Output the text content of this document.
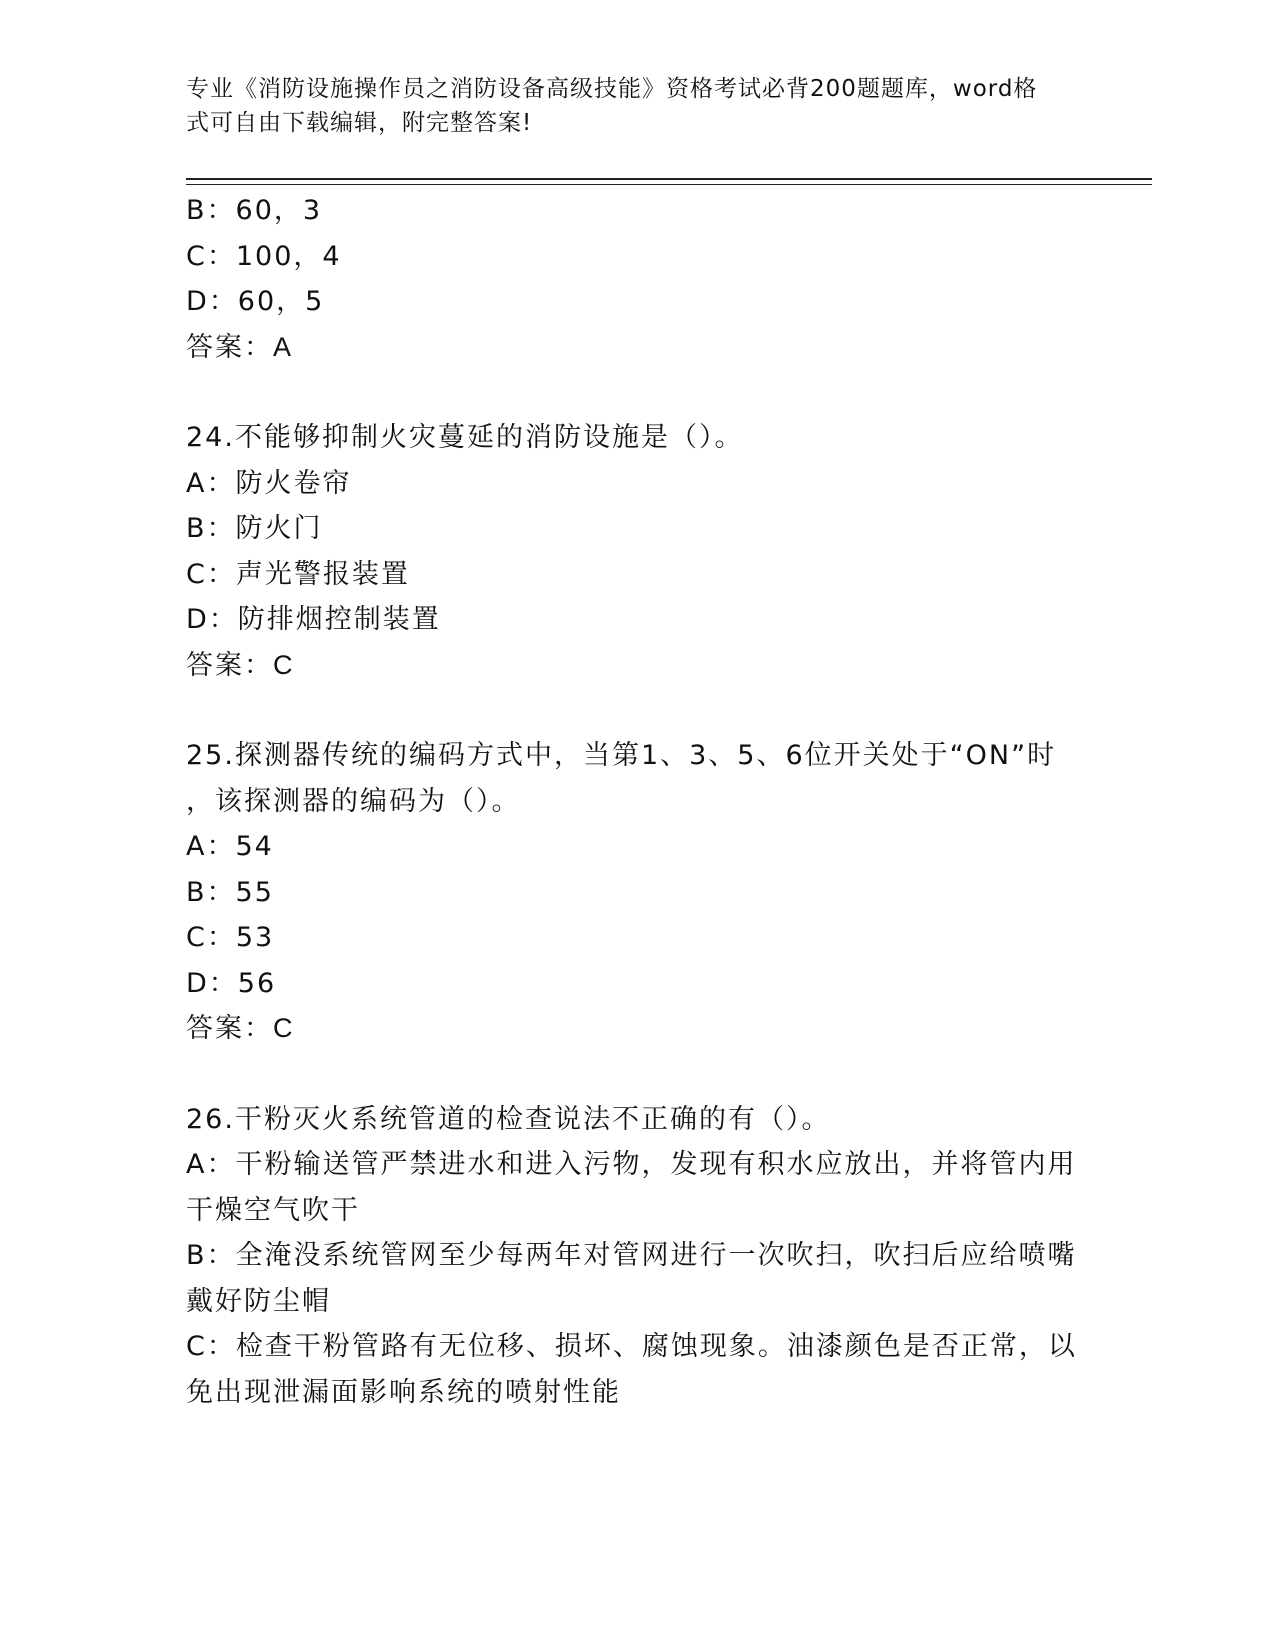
专业《消防设施操作员之消防设备高级技能》资格考试必背200题题库，word格
式可自由下载编辑，附完整答案!
B：60，3
C：100，4
D：60，5
答案：A
24.不能够抑制火灾蔓延的消防设施是（）。
A：防火卷帘
B：防火门
C：声光警报装置
D：防排烟控制装置
答案：C
25.探测器传统的编码方式中，当第1、3、5、6位开关处于“ON”时
，该探测器的编码为（）。
A：54
B：55
C：53
D：56
答案：C
26.干粉灭火系统管道的检查说法不正确的有（）。
A：干粉输送管严禁进水和进入污物，发现有积水应放出，并将管内用
干燥空气吹干
B：全淹没系统管网至少每两年对管网进行一次吹扫，吹扫后应给喷嘴
戴好防尘帽
C：检查干粉管路有无位移、损坏、腐蚀现象。油漆颜色是否正常，以
免出现泄漏面影响系统的喷射性能
